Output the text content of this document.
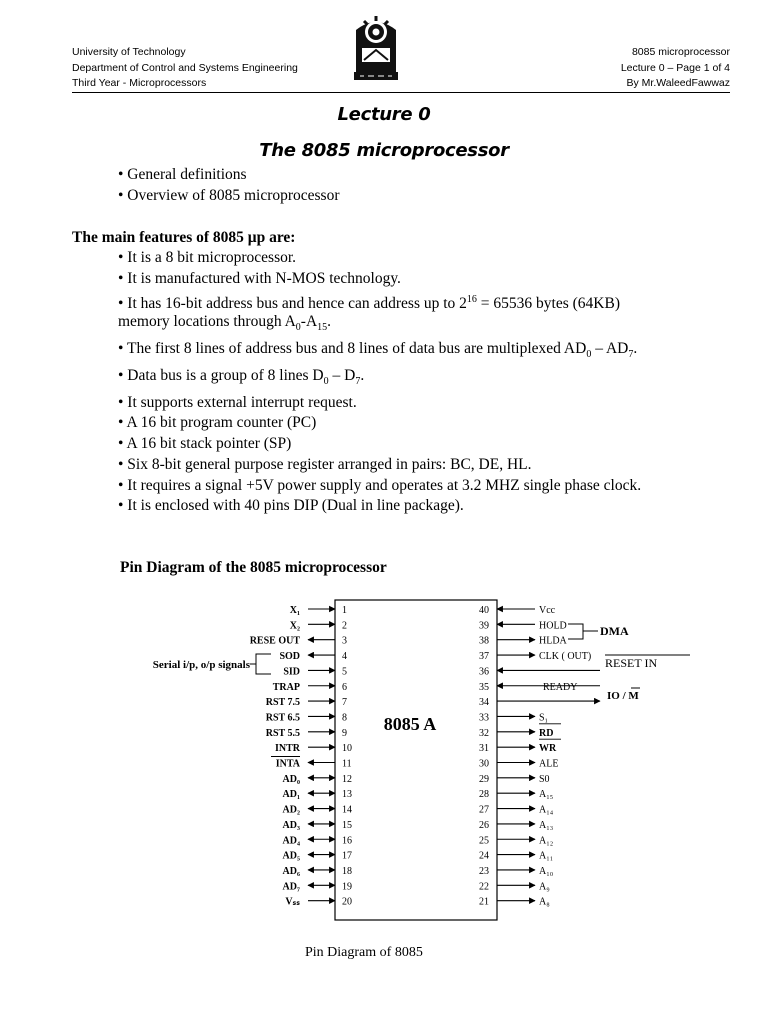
University of Technology
Department of Control and Systems Engineering
Third Year - Microprocessors
8085 microprocessor
Lecture 0 – Page 1 of 4
By Mr.WaleedFawwaz
Lecture 0
The 8085 microprocessor
• General definitions
• Overview of 8085 microprocessor
The main features of 8085 μp are:
• It is a 8 bit microprocessor.
• It is manufactured with N-MOS technology.
• It has 16-bit address bus and hence can address up to $2^{16} = 65536$ bytes (64KB)
memory locations through $A_0-A_{15}$.
• The first 8 lines of address bus and 8 lines of data bus are multiplexed $AD_0 - AD_7$.
• Data bus is a group of 8 lines $D_0 - D_7$.
• It supports external interrupt request.
• A 16 bit program counter (PC)
• A 16 bit stack pointer (SP)
• Six 8-bit general purpose register arranged in pairs: BC, DE, HL.
• It requires a signal +5V power supply and operates at 3.2 MHZ single phase clock.
• It is enclosed with 40 pins DIP (Dual in line package).
Pin Diagram of the 8085 microprocessor
8085 A
1
X₁
2
X₂
3
RESE OUT
4
SOD
5
SID
6
TRAP
7
RST 7.5
8
RST 6.5
9
RST 5.5
10
INTR
11
INTA
12
AD₀
13
AD₁
14
AD₂
15
AD₃
16
AD₄
17
AD₅
18
AD₆
19
AD₇
20
Vₛₛ
40	Vcc
39	HOLD
38	HLDA
37	CLK ( OUT)
36
35	READY
34
33	S₁
32	RD
31	WR
30	ALE
29	S0
28	A₁₅
27	A₁₄
26	A₁₃
25	A₁₂
24	A₁₁
23	A₁₀
22	A₉
21	A₈
Serial i/p, o/p signals
DMA
RESET IN
IO / M
Pin Diagram of 8085
